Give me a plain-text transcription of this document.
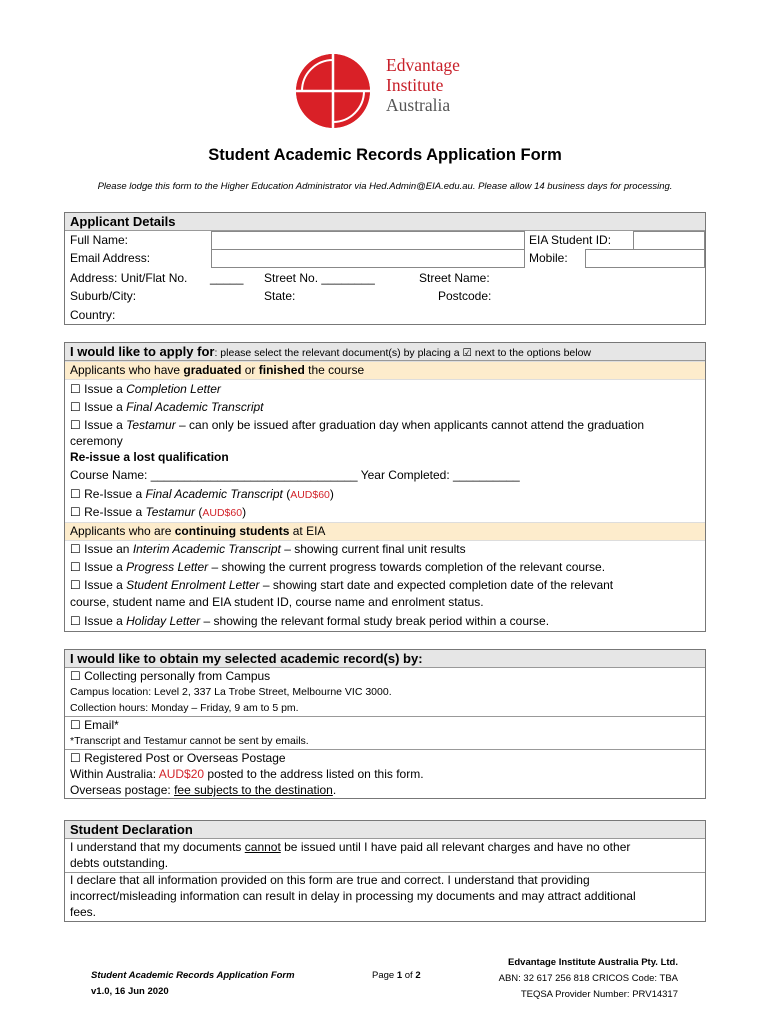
Edvantage
Institute
Australia
Student Academic Records Application Form
Please lodge this form to the Higher Education Administrator via Hed.Admin@EIA.edu.au. Please allow 14 business days for processing.
Applicant Details
Full Name:	EIA Student ID:
Email Address:	Mobile:
Address: Unit/Flat No. _____ Street No. ________	Street Name:
Suburb/City:	State:	Postcode:
Country:
I would like to apply for: please select the relevant document(s) by placing a ☑ next to the options below
Applicants who have graduated or finished the course
☐ Issue a Completion Letter
☐ Issue a Final Academic Transcript
☐ Issue a Testamur – can only be issued after graduation day when applicants cannot attend the graduation
ceremony
Re-issue a lost qualification
Course Name: _______________________________ Year Completed: __________
☐ Re-Issue a Final Academic Transcript (AUD$60)
☐ Re-Issue a Testamur (AUD$60)
Applicants who are continuing students at EIA
☐ Issue an Interim Academic Transcript – showing current final unit results
☐ Issue a Progress Letter – showing the current progress towards completion of the relevant course.
☐ Issue a Student Enrolment Letter – showing start date and expected completion date of the relevant
course, student name and EIA student ID, course name and enrolment status.
☐ Issue a Holiday Letter – showing the relevant formal study break period within a course.
I would like to obtain my selected academic record(s) by:
☐ Collecting personally from Campus
Campus location: Level 2, 337 La Trobe Street, Melbourne VIC 3000.
Collection hours: Monday – Friday, 9 am to 5 pm.
☐ Email*
*Transcript and Testamur cannot be sent by emails.
☐ Registered Post or Overseas Postage
Within Australia: AUD$20 posted to the address listed on this form.
Overseas postage: fee subjects to the destination.
Student Declaration
I understand that my documents cannot be issued until I have paid all relevant charges and have no other
debts outstanding.
I declare that all information provided on this form are true and correct. I understand that providing
incorrect/misleading information can result in delay in processing my documents and may attract additional
fees.
Student Academic Records Application Form
v1.0, 16 Jun 2020
Page 1 of 2
Edvantage Institute Australia Pty. Ltd.
ABN: 32 617 256 818 CRICOS Code: TBA
TEQSA Provider Number: PRV14317
